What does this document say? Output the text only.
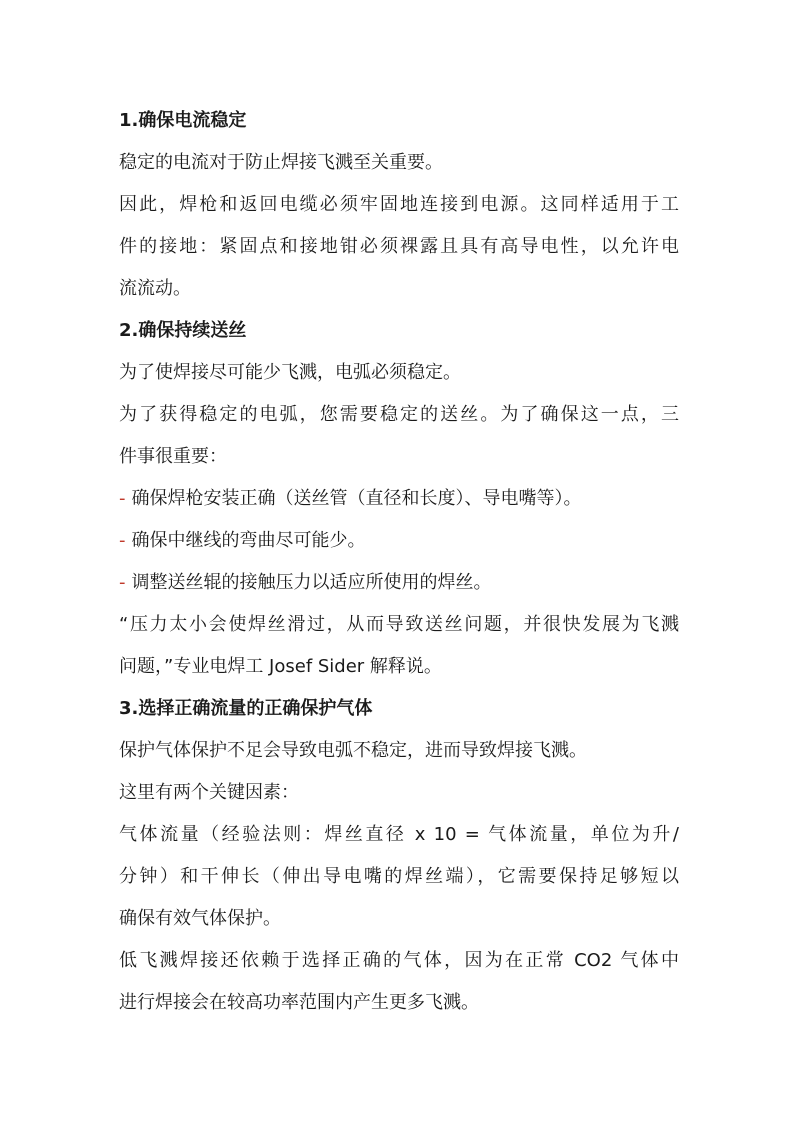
1.确保电流稳定
稳定的电流对于防止焊接飞溅至关重要。
因此，焊枪和返回电缆必须牢固地连接到电源。这同样适用于工
件的接地：紧固点和接地钳必须裸露且具有高导电性，以允许电
流流动。
2.确保持续送丝
为了使焊接尽可能少飞溅，电弧必须稳定。
为了获得稳定的电弧，您需要稳定的送丝。为了确保这一点，三
件事很重要：
- 确保焊枪安装正确（送丝管（直径和长度）、导电嘴等）。
- 确保中继线的弯曲尽可能少。
- 调整送丝辊的接触压力以适应所使用的焊丝。
“压力太小会使焊丝滑过，从而导致送丝问题，并很快发展为飞溅
问题，”专业电焊工 Josef Sider 解释说。
3.选择正确流量的正确保护气体
保护气体保护不足会导致电弧不稳定，进而导致焊接飞溅。
这里有两个关键因素：
气体流量（经验法则：焊丝直径 x 10 = 气体流量，单位为升/
分钟）和干伸长（伸出导电嘴的焊丝端），它需要保持足够短以
确保有效气体保护。
低飞溅焊接还依赖于选择正确的气体，因为在正常 CO2 气体中
进行焊接会在较高功率范围内产生更多飞溅。
